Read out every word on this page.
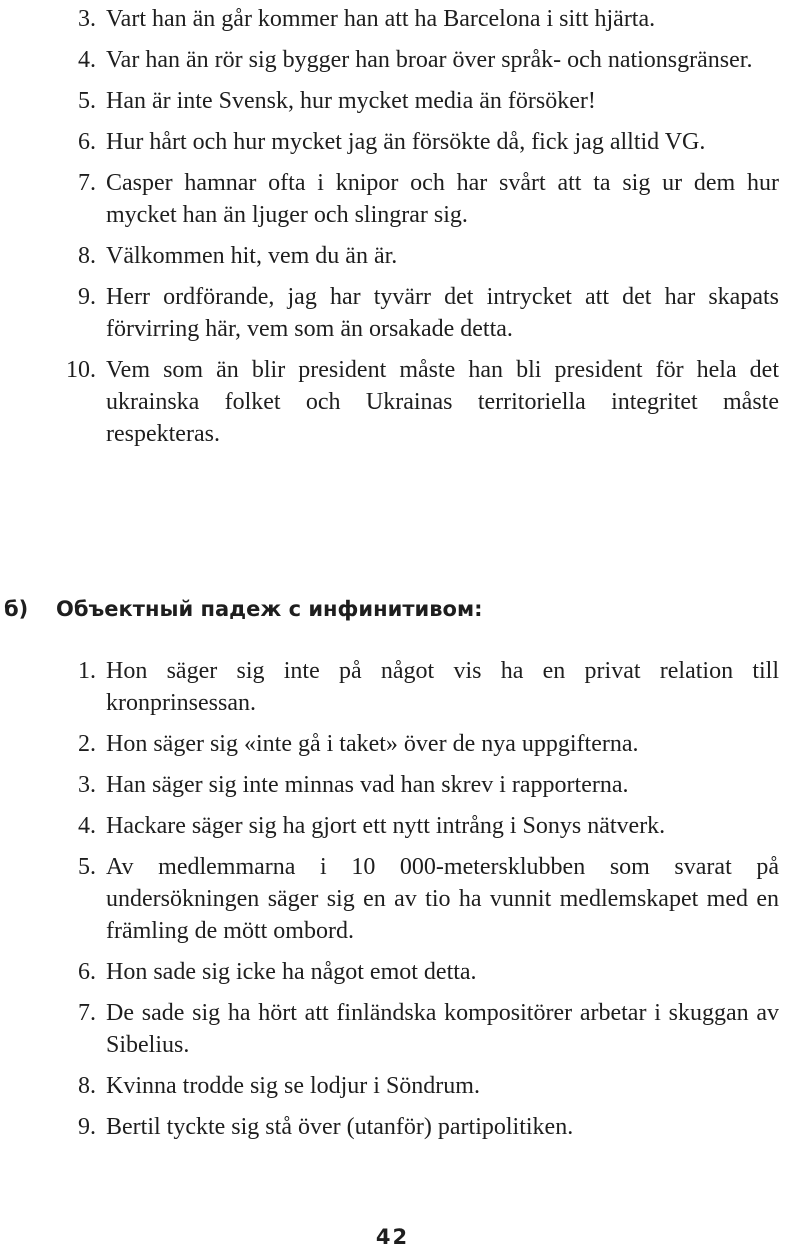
3. Vart han än går kommer han att ha Barcelona i sitt hjärta.
4. Var han än rör sig bygger han broar över språk- och nationsgränser.
5. Han är inte Svensk, hur mycket media än försöker!
6. Hur hårt och hur mycket jag än försökte då, fick jag alltid VG.
7. Casper hamnar ofta i knipor och har svårt att ta sig ur dem hur mycket han än ljuger och slingrar sig.
8. Välkommen hit, vem du än är.
9. Herr ordförande, jag har tyvärr det intrycket att det har skapats förvirring här, vem som än orsakade detta.
10. Vem som än blir president måste han bli president för hela det ukrainska folket och Ukrainas territoriella integritet måste respekteras.
б) Объектный падеж с инфинитивом:
1. Hon säger sig inte på något vis ha en privat relation till kronprinsessan.
2. Hon säger sig «inte gå i taket» över de nya uppgifterna.
3. Han säger sig inte minnas vad han skrev i rapporterna.
4. Hackare säger sig ha gjort ett nytt intrång i Sonys nätverk.
5. Av medlemmarna i 10 000-metersklubben som svarat på undersökningen säger sig en av tio ha vunnit medlemskapet med en främling de mött ombord.
6. Hon sade sig icke ha något emot detta.
7. De sade sig ha hört att finländska kompositörer arbetar i skuggan av Sibelius.
8. Kvinna trodde sig se lodjur i Söndrum.
9. Bertil tyckte sig stå över (utanför) partipolitiken.
42
